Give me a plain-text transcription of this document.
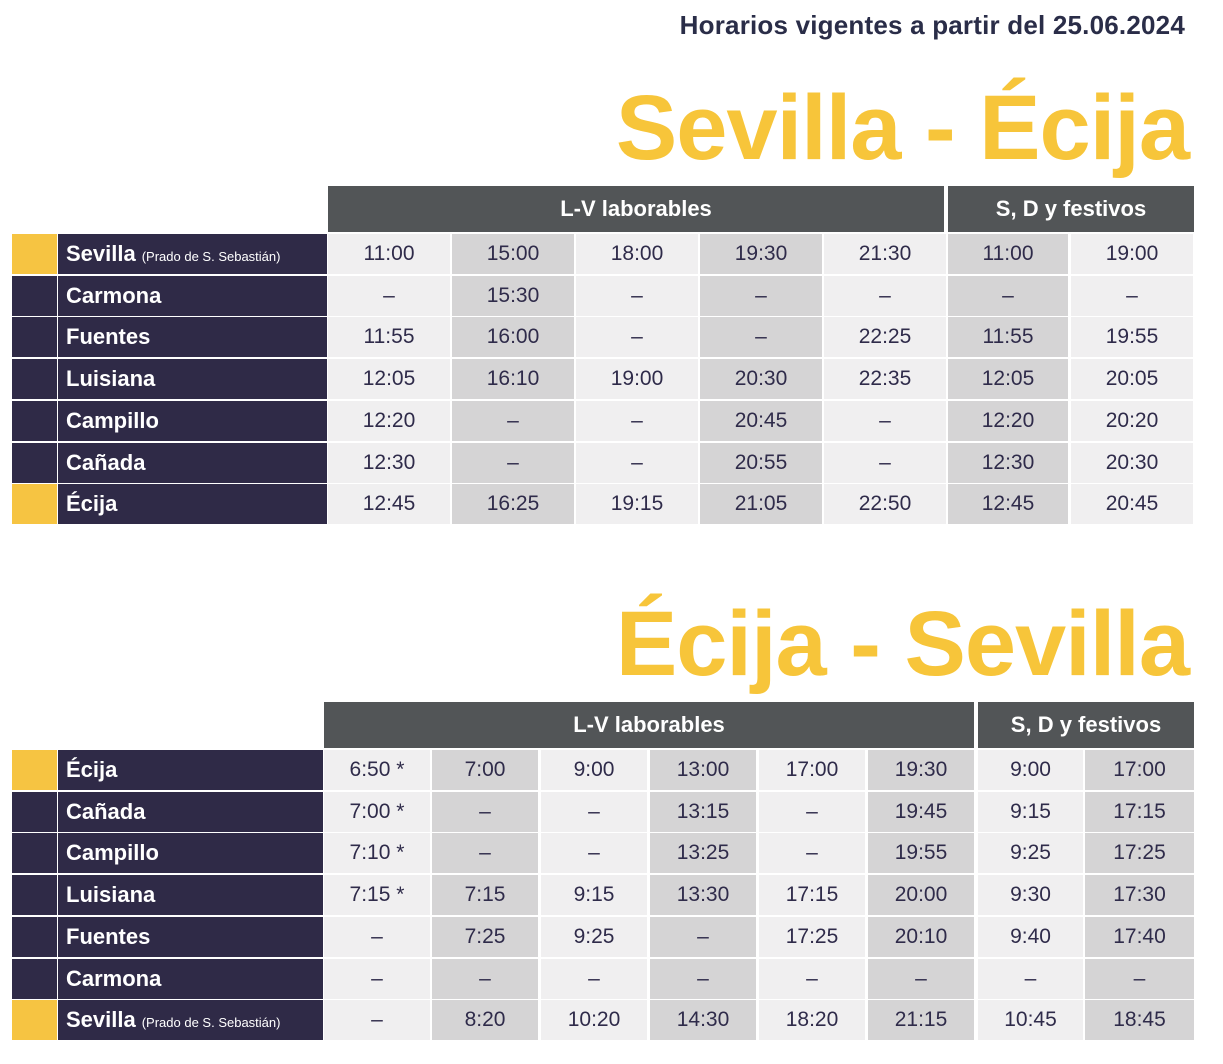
Horarios vigentes a partir del 25.06.2024
Sevilla - Écija
L-V laborables	S, D y festivos
Sevilla (Prado de S. Sebastián)	11:00	15:00	18:00	19:30	21:30	11:00	19:00
Carmona	–	15:30	–	–	–	–	–
Fuentes	11:55	16:00	–	–	22:25	11:55	19:55
Luisiana	12:05	16:10	19:00	20:30	22:35	12:05	20:05
Campillo	12:20	–	–	20:45	–	12:20	20:20
Cañada	12:30	–	–	20:55	–	12:30	20:30
Écija	12:45	16:25	19:15	21:05	22:50	12:45	20:45
Écija - Sevilla
L-V laborables	S, D y festivos
Écija	6:50 *	7:00	9:00	13:00	17:00	19:30	9:00	17:00
Cañada	7:00 *	–	–	13:15	–	19:45	9:15	17:15
Campillo	7:10 *	–	–	13:25	–	19:55	9:25	17:25
Luisiana	7:15 *	7:15	9:15	13:30	17:15	20:00	9:30	17:30
Fuentes	–	7:25	9:25	–	17:25	20:10	9:40	17:40
Carmona	–	–	–	–	–	–	–	–
Sevilla (Prado de S. Sebastián)	–	8:20	10:20	14:30	18:20	21:15	10:45	18:45
